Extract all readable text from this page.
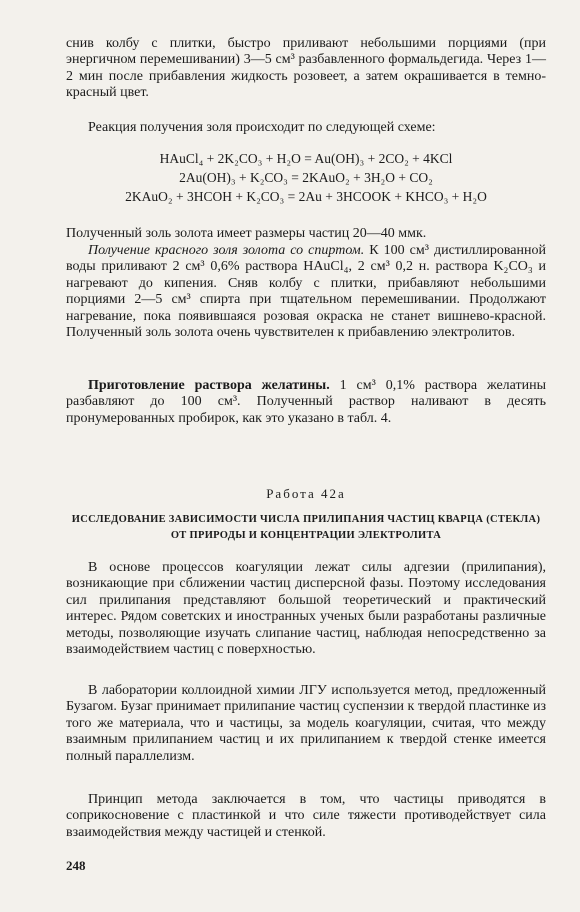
снив колбу с плитки, быстро приливают небольшими порциями (при энергичном перемешивании) 3—5 см³ разбавленного формальдегида. Через 1—2 мин после прибавления жидкость розовеет, а затем окрашивается в темно-красный цвет.
Реакция получения золя происходит по следующей схеме:
HAuCl₄ + 2K₂CO₃ + H₂O = Au(OH)₃ + 2CO₂ + 4KCl
2Au(OH)₃ + K₂CO₃ = 2KAuO₂ + 3H₂O + CO₂
2KAuO₂ + 3HCOH + K₂CO₃ = 2Au + 3HCOOK + KHCO₃ + H₂O
Полученный золь золота имеет размеры частиц 20—40 ммк.
Получение красного золя золота со спиртом. К 100 см³ дистиллированной воды приливают 2 см³ 0,6% раствора HAuCl₄, 2 см³ 0,2 н. раствора K₂CO₃ и нагревают до кипения. Сняв колбу с плитки, прибавляют небольшими порциями 2—5 см³ спирта при тщательном перемешивании. Продолжают нагревание, пока появившаяся розовая окраска не станет вишнево-красной. Полученный золь золота очень чувствителен к прибавлению электролитов.
Приготовление раствора желатины. 1 см³ 0,1% раствора желатины разбавляют до 100 см³. Полученный раствор наливают в десять пронумерованных пробирок, как это указано в табл. 4.
Работа 42а
ИССЛЕДОВАНИЕ ЗАВИСИМОСТИ ЧИСЛА ПРИЛИПАНИЯ ЧАСТИЦ КВАРЦА (СТЕКЛА) ОТ ПРИРОДЫ И КОНЦЕНТРАЦИИ ЭЛЕКТРОЛИТА
В основе процессов коагуляции лежат силы адгезии (прилипания), возникающие при сближении частиц дисперсной фазы. Поэтому исследования сил прилипания представляют большой теоретический и практический интерес. Рядом советских и иностранных ученых были разработаны различные методы, позволяющие изучать слипание частиц, наблюдая непосредственно за взаимодействием частиц с поверхностью.
В лаборатории коллоидной химии ЛГУ используется метод, предложенный Бузагом. Бузаг принимает прилипание частиц суспензии к твердой пластинке из того же материала, что и частицы, за модель коагуляции, считая, что между взаимным прилипанием частиц и их прилипанием к твердой стенке имеется полный параллелизм.
Принцип метода заключается в том, что частицы приводятся в соприкосновение с пластинкой и что силе тяжести противодействует сила взаимодействия между частицей и стенкой.
248
